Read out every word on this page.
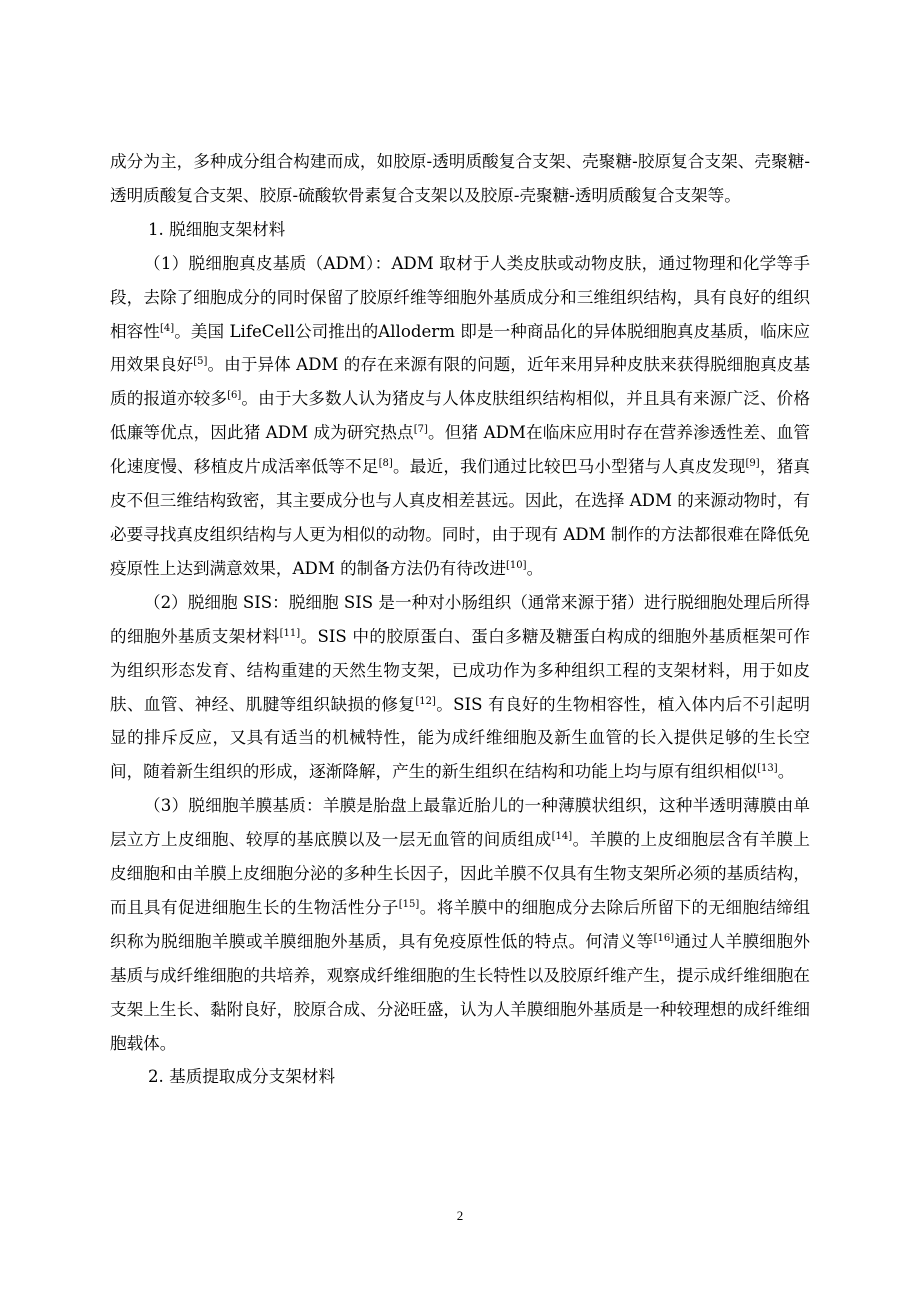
成分为主，多种成分组合构建而成，如胶原-透明质酸复合支架、壳聚糖-胶原复合支架、壳聚糖-透明质酸复合支架、胶原-硫酸软骨素复合支架以及胶原-壳聚糖-透明质酸复合支架等。

1. 脱细胞支架材料

（1）脱细胞真皮基质（ADM）：ADM 取材于人类皮肤或动物皮肤，通过物理和化学等手段，去除了细胞成分的同时保留了胶原纤维等细胞外基质成分和三维组织结构，具有良好的组织相容性[4]。美国 LifeCell公司推出的Alloderm 即是一种商品化的异体脱细胞真皮基质，临床应用效果良好[5]。由于异体 ADM 的存在来源有限的问题，近年来用异种皮肤来获得脱细胞真皮基质的报道亦较多[6]。由于大多数人认为猪皮与人体皮肤组织结构相似，并且具有来源广泛、价格低廉等优点，因此猪 ADM 成为研究热点[7]。但猪 ADM在临床应用时存在营养渗透性差、血管化速度慢、移植皮片成活率低等不足[8]。最近，我们通过比较巴马小型猪与人真皮发现[9]，猪真皮不但三维结构致密，其主要成分也与人真皮相差甚远。因此，在选择 ADM 的来源动物时，有必要寻找真皮组织结构与人更为相似的动物。同时，由于现有 ADM 制作的方法都很难在降低免疫原性上达到满意效果，ADM 的制备方法仍有待改进[10]。

（2）脱细胞 SIS：脱细胞 SIS 是一种对小肠组织（通常来源于猪）进行脱细胞处理后所得的细胞外基质支架材料[11]。SIS 中的胶原蛋白、蛋白多糖及糖蛋白构成的细胞外基质框架可作为组织形态发育、结构重建的天然生物支架，已成功作为多种组织工程的支架材料，用于如皮肤、血管、神经、肌腱等组织缺损的修复[12]。SIS 有良好的生物相容性，植入体内后不引起明显的排斥反应，又具有适当的机械特性，能为成纤维细胞及新生血管的长入提供足够的生长空间，随着新生组织的形成，逐渐降解，产生的新生组织在结构和功能上均与原有组织相似[13]。

（3）脱细胞羊膜基质：羊膜是胎盘上最靠近胎儿的一种薄膜状组织，这种半透明薄膜由单层立方上皮细胞、较厚的基底膜以及一层无血管的间质组成[14]。羊膜的上皮细胞层含有羊膜上皮细胞和由羊膜上皮细胞分泌的多种生长因子，因此羊膜不仅具有生物支架所必须的基质结构，而且具有促进细胞生长的生物活性分子[15]。将羊膜中的细胞成分去除后所留下的无细胞结缔组织称为脱细胞羊膜或羊膜细胞外基质，具有免疫原性低的特点。何清义等[16]通过人羊膜细胞外基质与成纤维细胞的共培养，观察成纤维细胞的生长特性以及胶原纤维产生，提示成纤维细胞在支架上生长、黏附良好，胶原合成、分泌旺盛，认为人羊膜细胞外基质是一种较理想的成纤维细胞载体。

2. 基质提取成分支架材料

2
